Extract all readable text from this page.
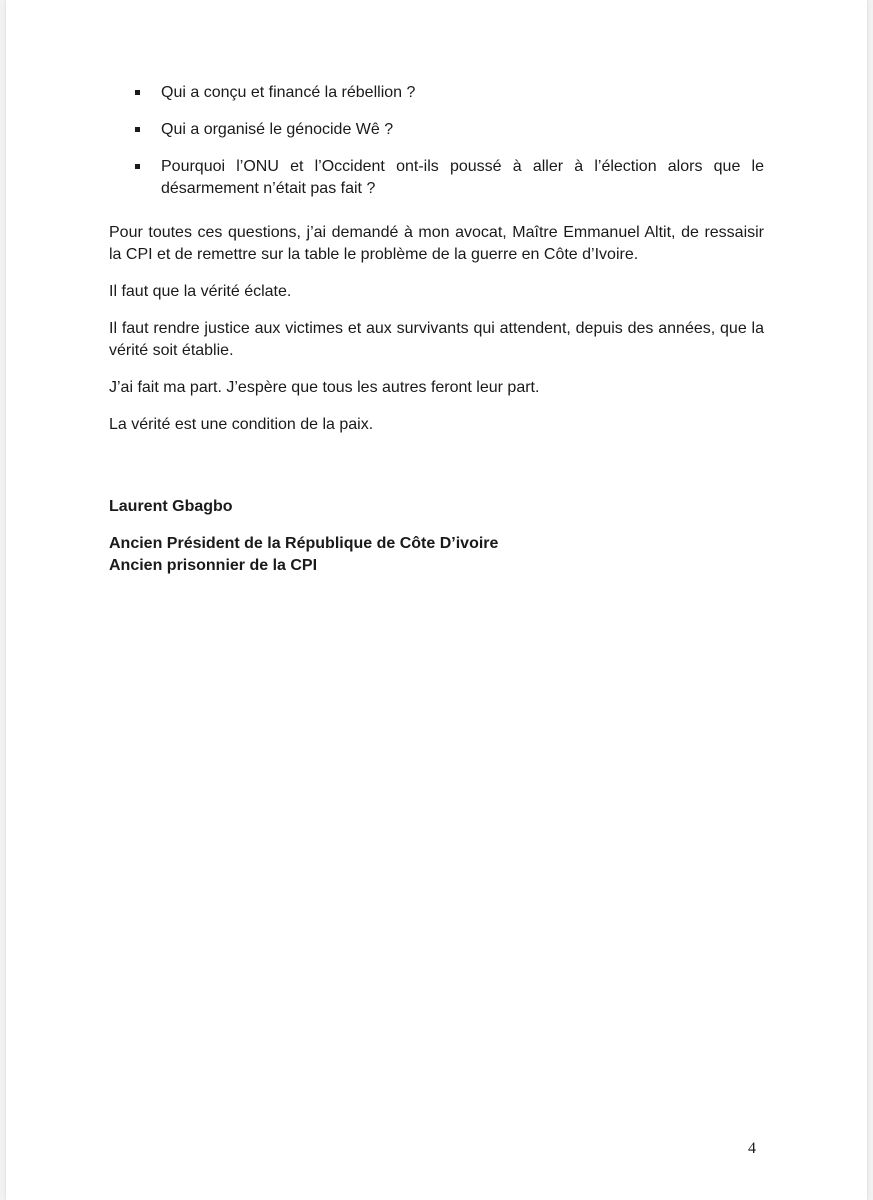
Qui a conçu et financé la rébellion ?
Qui a organisé le génocide Wê ?
Pourquoi l’ONU et l’Occident ont-ils poussé à aller à l’élection alors que le désarmement n’était pas fait ?

Pour toutes ces questions, j’ai demandé à mon avocat, Maître Emmanuel Altit, de ressaisir la CPI et de remettre sur la table le problème de la guerre en Côte d’Ivoire.

Il faut que la vérité éclate.

Il faut rendre justice aux victimes et aux survivants qui attendent, depuis des années, que la vérité soit établie.

J’ai fait ma part. J’espère que tous les autres feront leur part.

La vérité est une condition de la paix.

Laurent Gbagbo

Ancien Président de la République de Côte D’ivoire

Ancien prisonnier de la CPI

4
